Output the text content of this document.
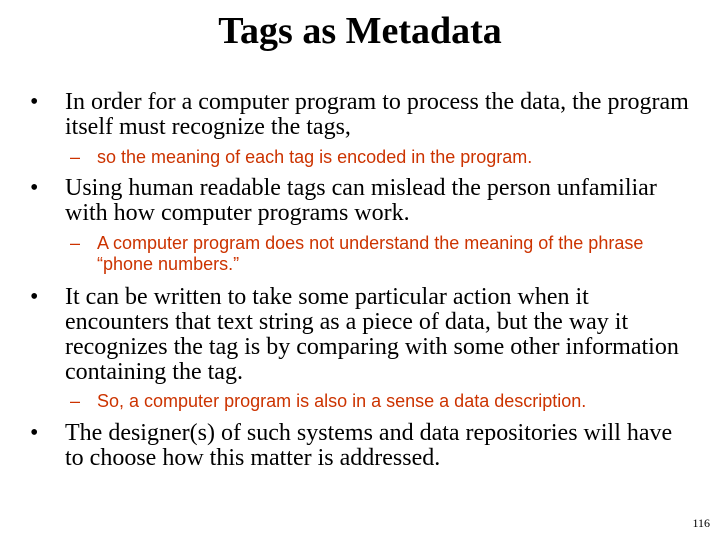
Tags as Metadata
• In order for a computer program to process the data, the program itself must recognize the tags,
– so the meaning of each tag is encoded in the program.
• Using human readable tags can mislead the person unfamiliar with how computer programs work.
– A computer program does not understand the meaning of the phrase “phone numbers.”
• It can be written to take some particular action when it encounters that text string as a piece of data, but the way it recognizes the tag is by comparing with some other information containing the tag.
– So, a computer program is also in a sense a data description.
• The designer(s) of such systems and data repositories will have to choose how this matter is addressed.
116
